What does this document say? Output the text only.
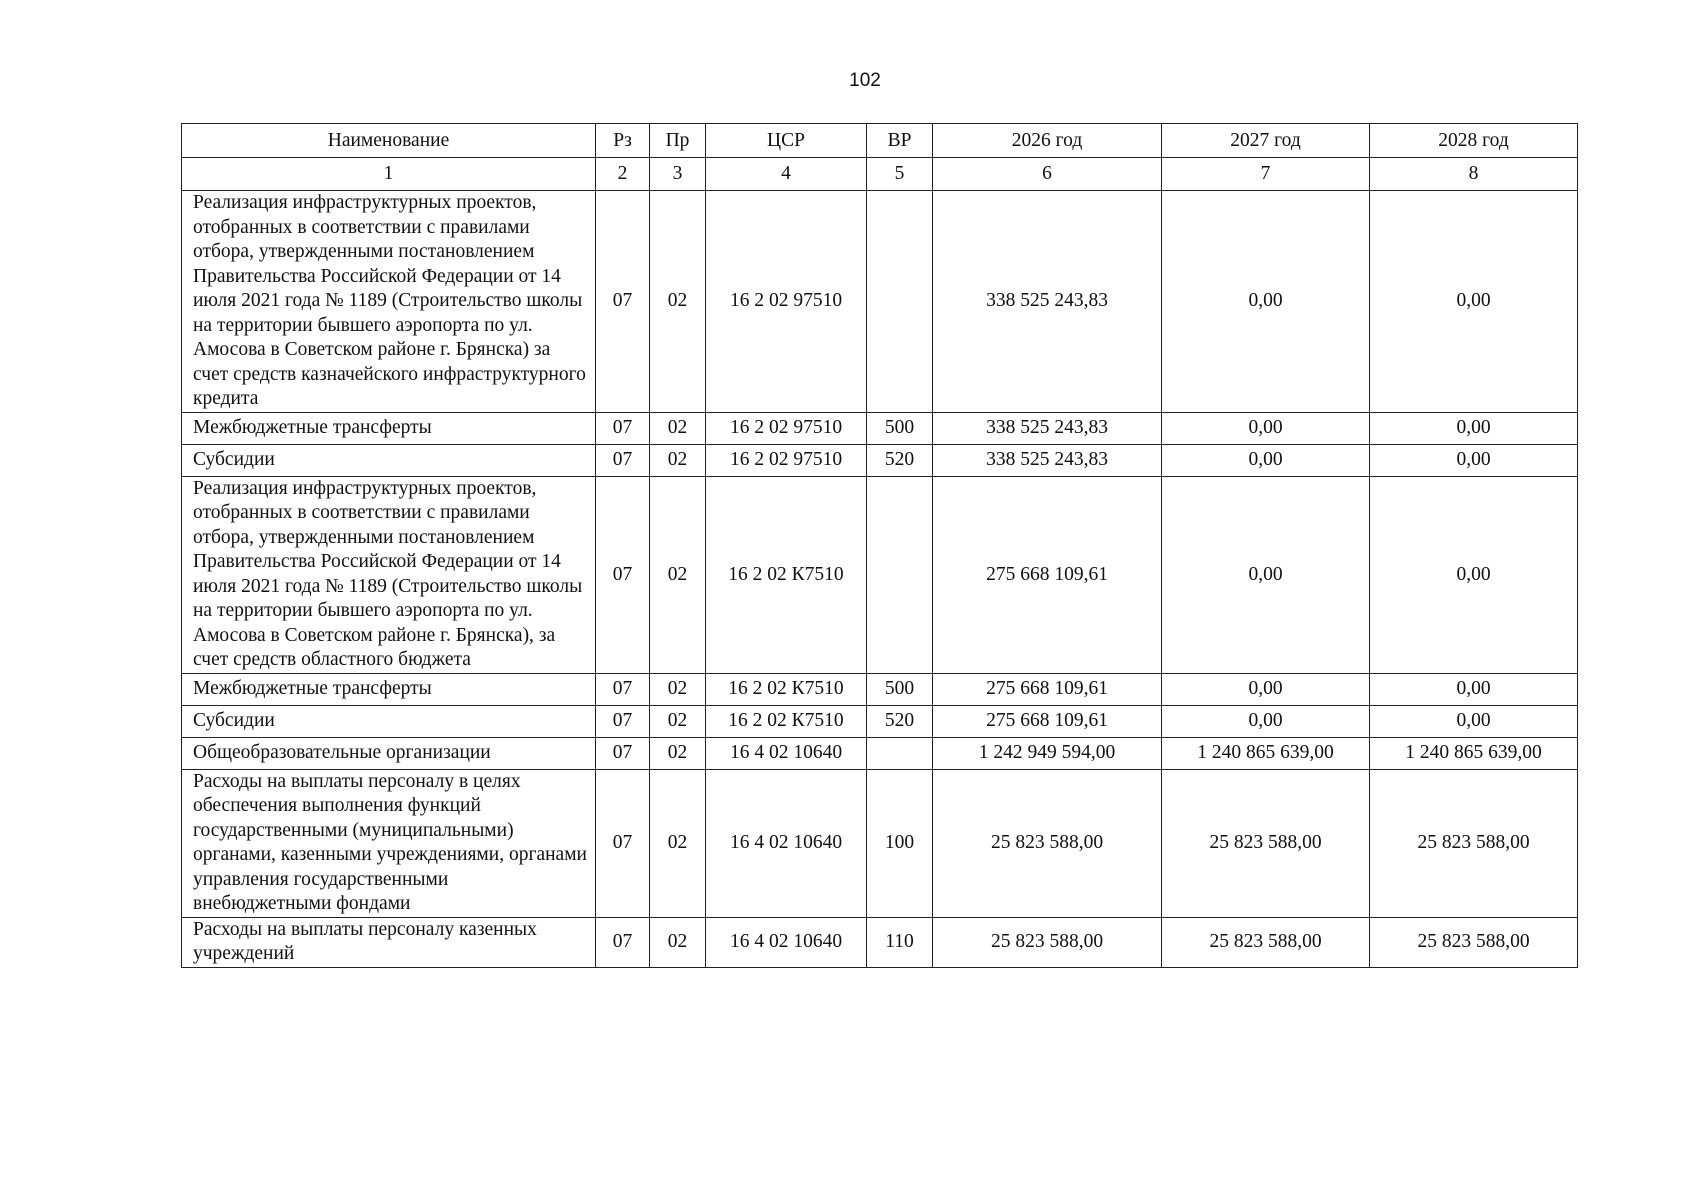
102
Наименование	Рз	Пр	ЦСР	ВР	2026 год	2027 год	2028 год
1	2	3	4	5	6	7	8
Реализация инфраструктурных проектов, отобранных в соответствии с правилами отбора, утвержденными постановлением Правительства Российской Федерации от 14 июля 2021 года № 1189 (Строительство школы на территории бывшего аэропорта по ул. Амосова в Советском районе г. Брянска) за счет средств казначейского инфраструктурного кредита	07	02	16 2 02 97510		338 525 243,83	0,00	0,00
Межбюджетные трансферты	07	02	16 2 02 97510	500	338 525 243,83	0,00	0,00
Субсидии	07	02	16 2 02 97510	520	338 525 243,83	0,00	0,00
Реализация инфраструктурных проектов, отобранных в соответствии с правилами отбора, утвержденными постановлением Правительства Российской Федерации от 14 июля 2021 года № 1189 (Строительство школы на территории бывшего аэропорта по ул. Амосова в Советском районе г. Брянска), за счет средств областного бюджета	07	02	16 2 02 К7510		275 668 109,61	0,00	0,00
Межбюджетные трансферты	07	02	16 2 02 К7510	500	275 668 109,61	0,00	0,00
Субсидии	07	02	16 2 02 К7510	520	275 668 109,61	0,00	0,00
Общеобразовательные организации	07	02	16 4 02 10640		1 242 949 594,00	1 240 865 639,00	1 240 865 639,00
Расходы на выплаты персоналу в целях обеспечения выполнения функций государственными (муниципальными) органами, казенными учреждениями, органами управления государственными внебюджетными фондами	07	02	16 4 02 10640	100	25 823 588,00	25 823 588,00	25 823 588,00
Расходы на выплаты персоналу казенных учреждений	07	02	16 4 02 10640	110	25 823 588,00	25 823 588,00	25 823 588,00
